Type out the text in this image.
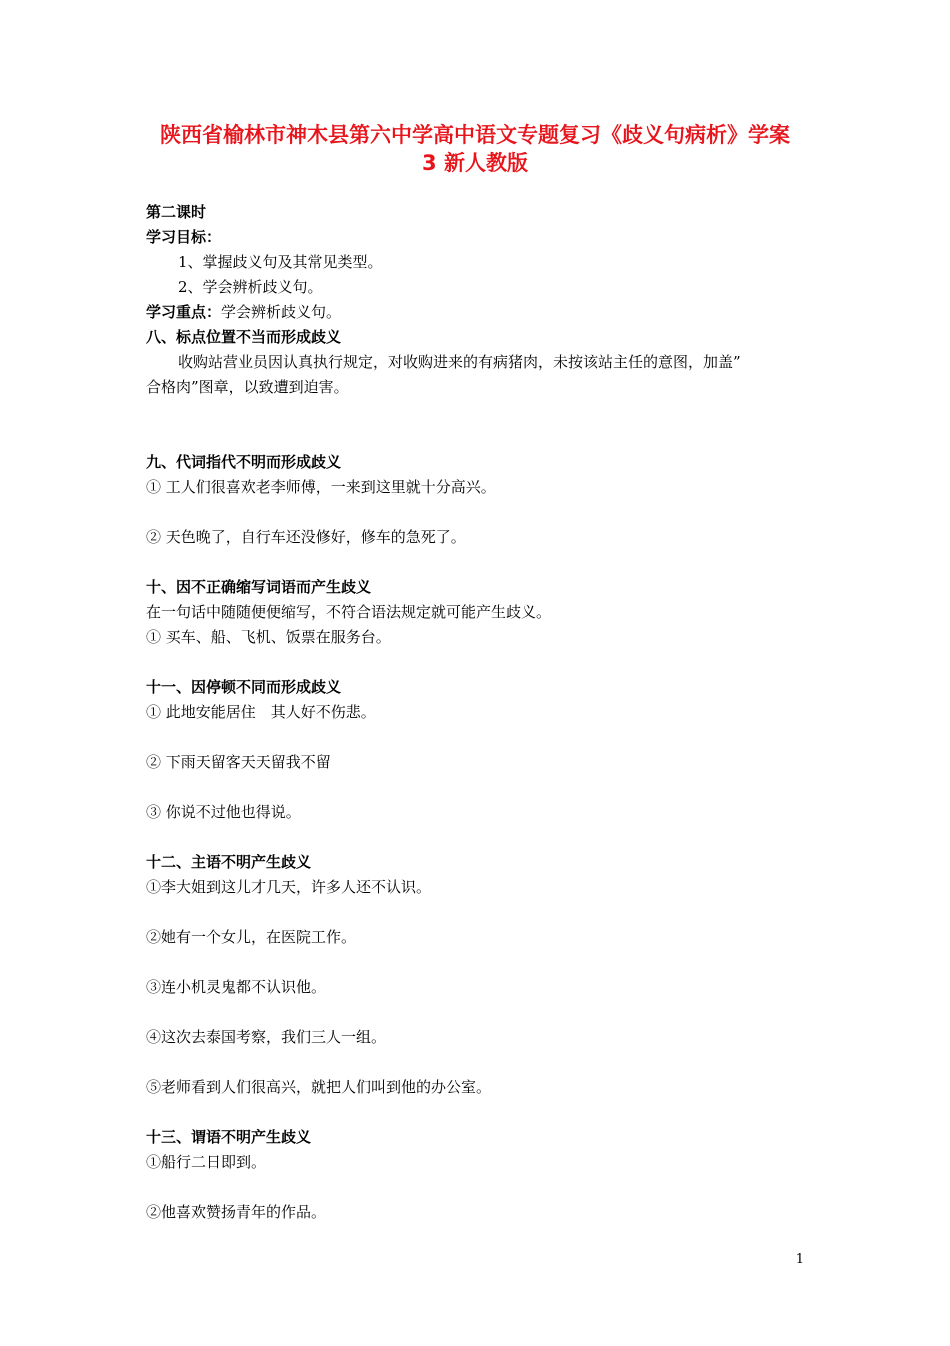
陕西省榆林市神木县第六中学高中语文专题复习《歧义句病析》学案
3 新人教版
第二课时
学习目标：
1、掌握歧义句及其常见类型。
2、学会辨析歧义句。
学习重点：学会辨析歧义句。
八、标点位置不当而形成歧义
收购站营业员因认真执行规定，对收购进来的有病猪肉，未按该站主任的意图，加盖”
合格肉”图章，以致遭到迫害。
九、代词指代不明而形成歧义
① 工人们很喜欢老李师傅，一来到这里就十分高兴。
② 天色晚了，自行车还没修好，修车的急死了。
十、因不正确缩写词语而产生歧义
在一句话中随随便便缩写，不符合语法规定就可能产生歧义。
① 买车、船、飞机、饭票在服务台。
十一、因停顿不同而形成歧义
① 此地安能居住　其人好不伤悲。
② 下雨天留客天天留我不留
③ 你说不过他也得说。
十二、主语不明产生歧义
①李大姐到这儿才几天，许多人还不认识。
②她有一个女儿，在医院工作。
③连小机灵鬼都不认识他。
④这次去泰国考察，我们三人一组。
⑤老师看到人们很高兴，就把人们叫到他的办公室。
十三、谓语不明产生歧义
①船行二日即到。
②他喜欢赞扬青年的作品。
1
